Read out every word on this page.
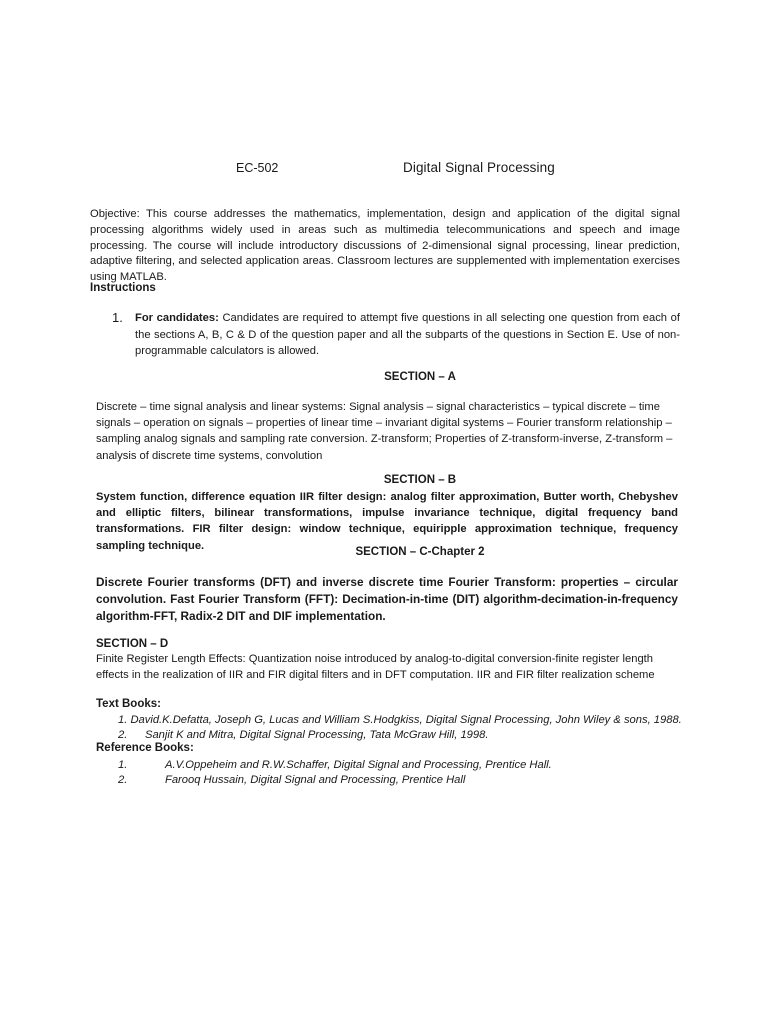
EC-502	Digital Signal Processing
Objective: This course addresses the mathematics, implementation, design and application of the digital signal processing algorithms widely used in areas such as multimedia telecommunications and speech and image processing. The course will include introductory discussions of 2-dimensional signal processing, linear prediction, adaptive filtering, and selected application areas. Classroom lectures are supplemented with implementation exercises using MATLAB.
Instructions
1. For candidates: Candidates are required to attempt five questions in all selecting one question from each of the sections A, B, C & D of the question paper and all the subparts of the questions in Section E. Use of non-programmable calculators is allowed.
SECTION – A
Discrete – time signal analysis and linear systems: Signal analysis – signal characteristics – typical discrete – time signals – operation on signals – properties of linear time – invariant digital systems – Fourier transform relationship – sampling analog signals and sampling rate conversion. Z-transform; Properties of Z-transform-inverse, Z-transform – analysis of discrete time systems, convolution
SECTION – B
System function, difference equation IIR filter design: analog filter approximation, Butter worth, Chebyshev and elliptic filters, bilinear transformations, impulse invariance technique, digital frequency band transformations. FIR filter design: window technique, equiripple approximation technique, frequency sampling technique.
SECTION – C-Chapter 2
Discrete Fourier transforms (DFT) and inverse discrete time Fourier Transform: properties – circular convolution. Fast Fourier Transform (FFT): Decimation-in-time (DIT) algorithm-decimation-in-frequency algorithm-FFT, Radix-2 DIT and DIF implementation.
SECTION – D
Finite Register Length Effects: Quantization noise introduced by analog-to-digital conversion-finite register length effects in the realization of IIR and FIR digital filters and in DFT computation. IIR and FIR filter realization scheme
Text Books:
1. David.K.Defatta, Joseph G, Lucas and William S.Hodgkiss, Digital Signal Processing, John Wiley & sons, 1988.
2. Sanjit K and Mitra, Digital Signal Processing, Tata McGraw Hill, 1998.
Reference Books:
1.	A.V.Oppeheim and R.W.Schaffer, Digital Signal and Processing, Prentice Hall.
2.	Farooq Hussain, Digital Signal and Processing, Prentice Hall
